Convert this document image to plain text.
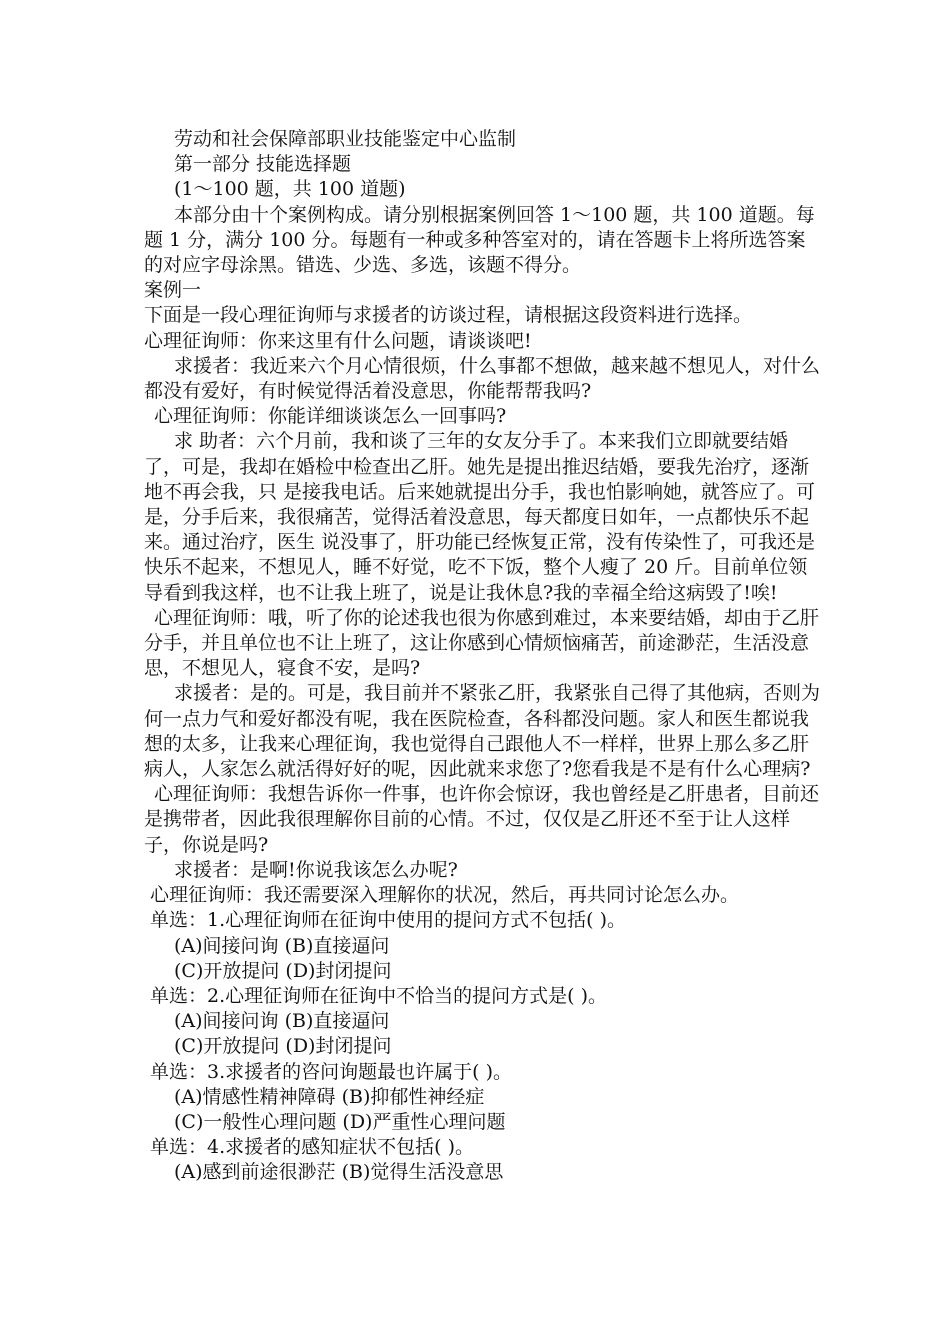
劳动和社会保障部职业技能鉴定中心监制

第一部分 技能选择题

(1～100 题，共 100 道题)

本部分由十个案例构成。请分别根据案例回答 1～100 题，共 100 道题。每题 1 分，满分 100 分。每题有一种或多种答室对的，请在答题卡上将所选答案的对应字母涂黑。错选、少选、多选，该题不得分。

案例一

下面是一段心理征询师与求援者的访谈过程，请根据这段资料进行选择。

心理征询师：你来这里有什么问题，请谈谈吧!

求援者：我近来六个月心情很烦，什么事都不想做，越来越不想见人，对什么都没有爱好，有时候觉得活着没意思，你能帮帮我吗?

心理征询师：你能详细谈谈怎么一回事吗?

求 助者：六个月前，我和谈了三年的女友分手了。本来我们立即就要结婚了，可是，我却在婚检中检查出乙肝。她先是提出推迟结婚，要我先治疗，逐渐地不再会我，只 是接我电话。后来她就提出分手，我也怕影响她，就答应了。可是，分手后来，我很痛苦，觉得活着没意思，每天都度日如年，一点都快乐不起来。通过治疗，医生 说没事了，肝功能已经恢复正常，没有传染性了，可我还是快乐不起来，不想见人，睡不好觉，吃不下饭，整个人瘦了 20 斤。目前单位领导看到我这样，也不让我上班了，说是让我休息?我的幸福全给这病毁了!唉!

心理征询师：哦，听了你的论述我也很为你感到难过，本来要结婚，却由于乙肝分手，并且单位也不让上班了，这让你感到心情烦恼痛苦，前途渺茫，生活没意思，不想见人，寝食不安，是吗?

求援者：是的。可是，我目前并不紧张乙肝，我紧张自己得了其他病，否则为何一点力气和爱好都没有呢，我在医院检查，各科都没问题。家人和医生都说我想的太多，让我来心理征询，我也觉得自己跟他人不一样样，世界上那么多乙肝病人，人家怎么就活得好好的呢，因此就来求您了?您看我是不是有什么心理病?

心理征询师：我想告诉你一件事，也许你会惊讶，我也曾经是乙肝患者，目前还是携带者，因此我很理解你目前的心情。不过，仅仅是乙肝还不至于让人这样子，你说是吗?

求援者：是啊!你说我该怎么办呢?

心理征询师：我还需要深入理解你的状况，然后，再共同讨论怎么办。

单选：1.心理征询师在征询中使用的提问方式不包括( )。

(A)间接问询 (B)直接逼问

(C)开放提问 (D)封闭提问

单选：2.心理征询师在征询中不恰当的提问方式是( )。

(A)间接问询 (B)直接逼问

(C)开放提问 (D)封闭提问

单选：3.求援者的咨问询题最也许属于( )。

(A)情感性精神障碍 (B)抑郁性神经症

(C)一般性心理问题 (D)严重性心理问题

单选：4.求援者的感知症状不包括( )。

(A)感到前途很渺茫 (B)觉得生活没意思
